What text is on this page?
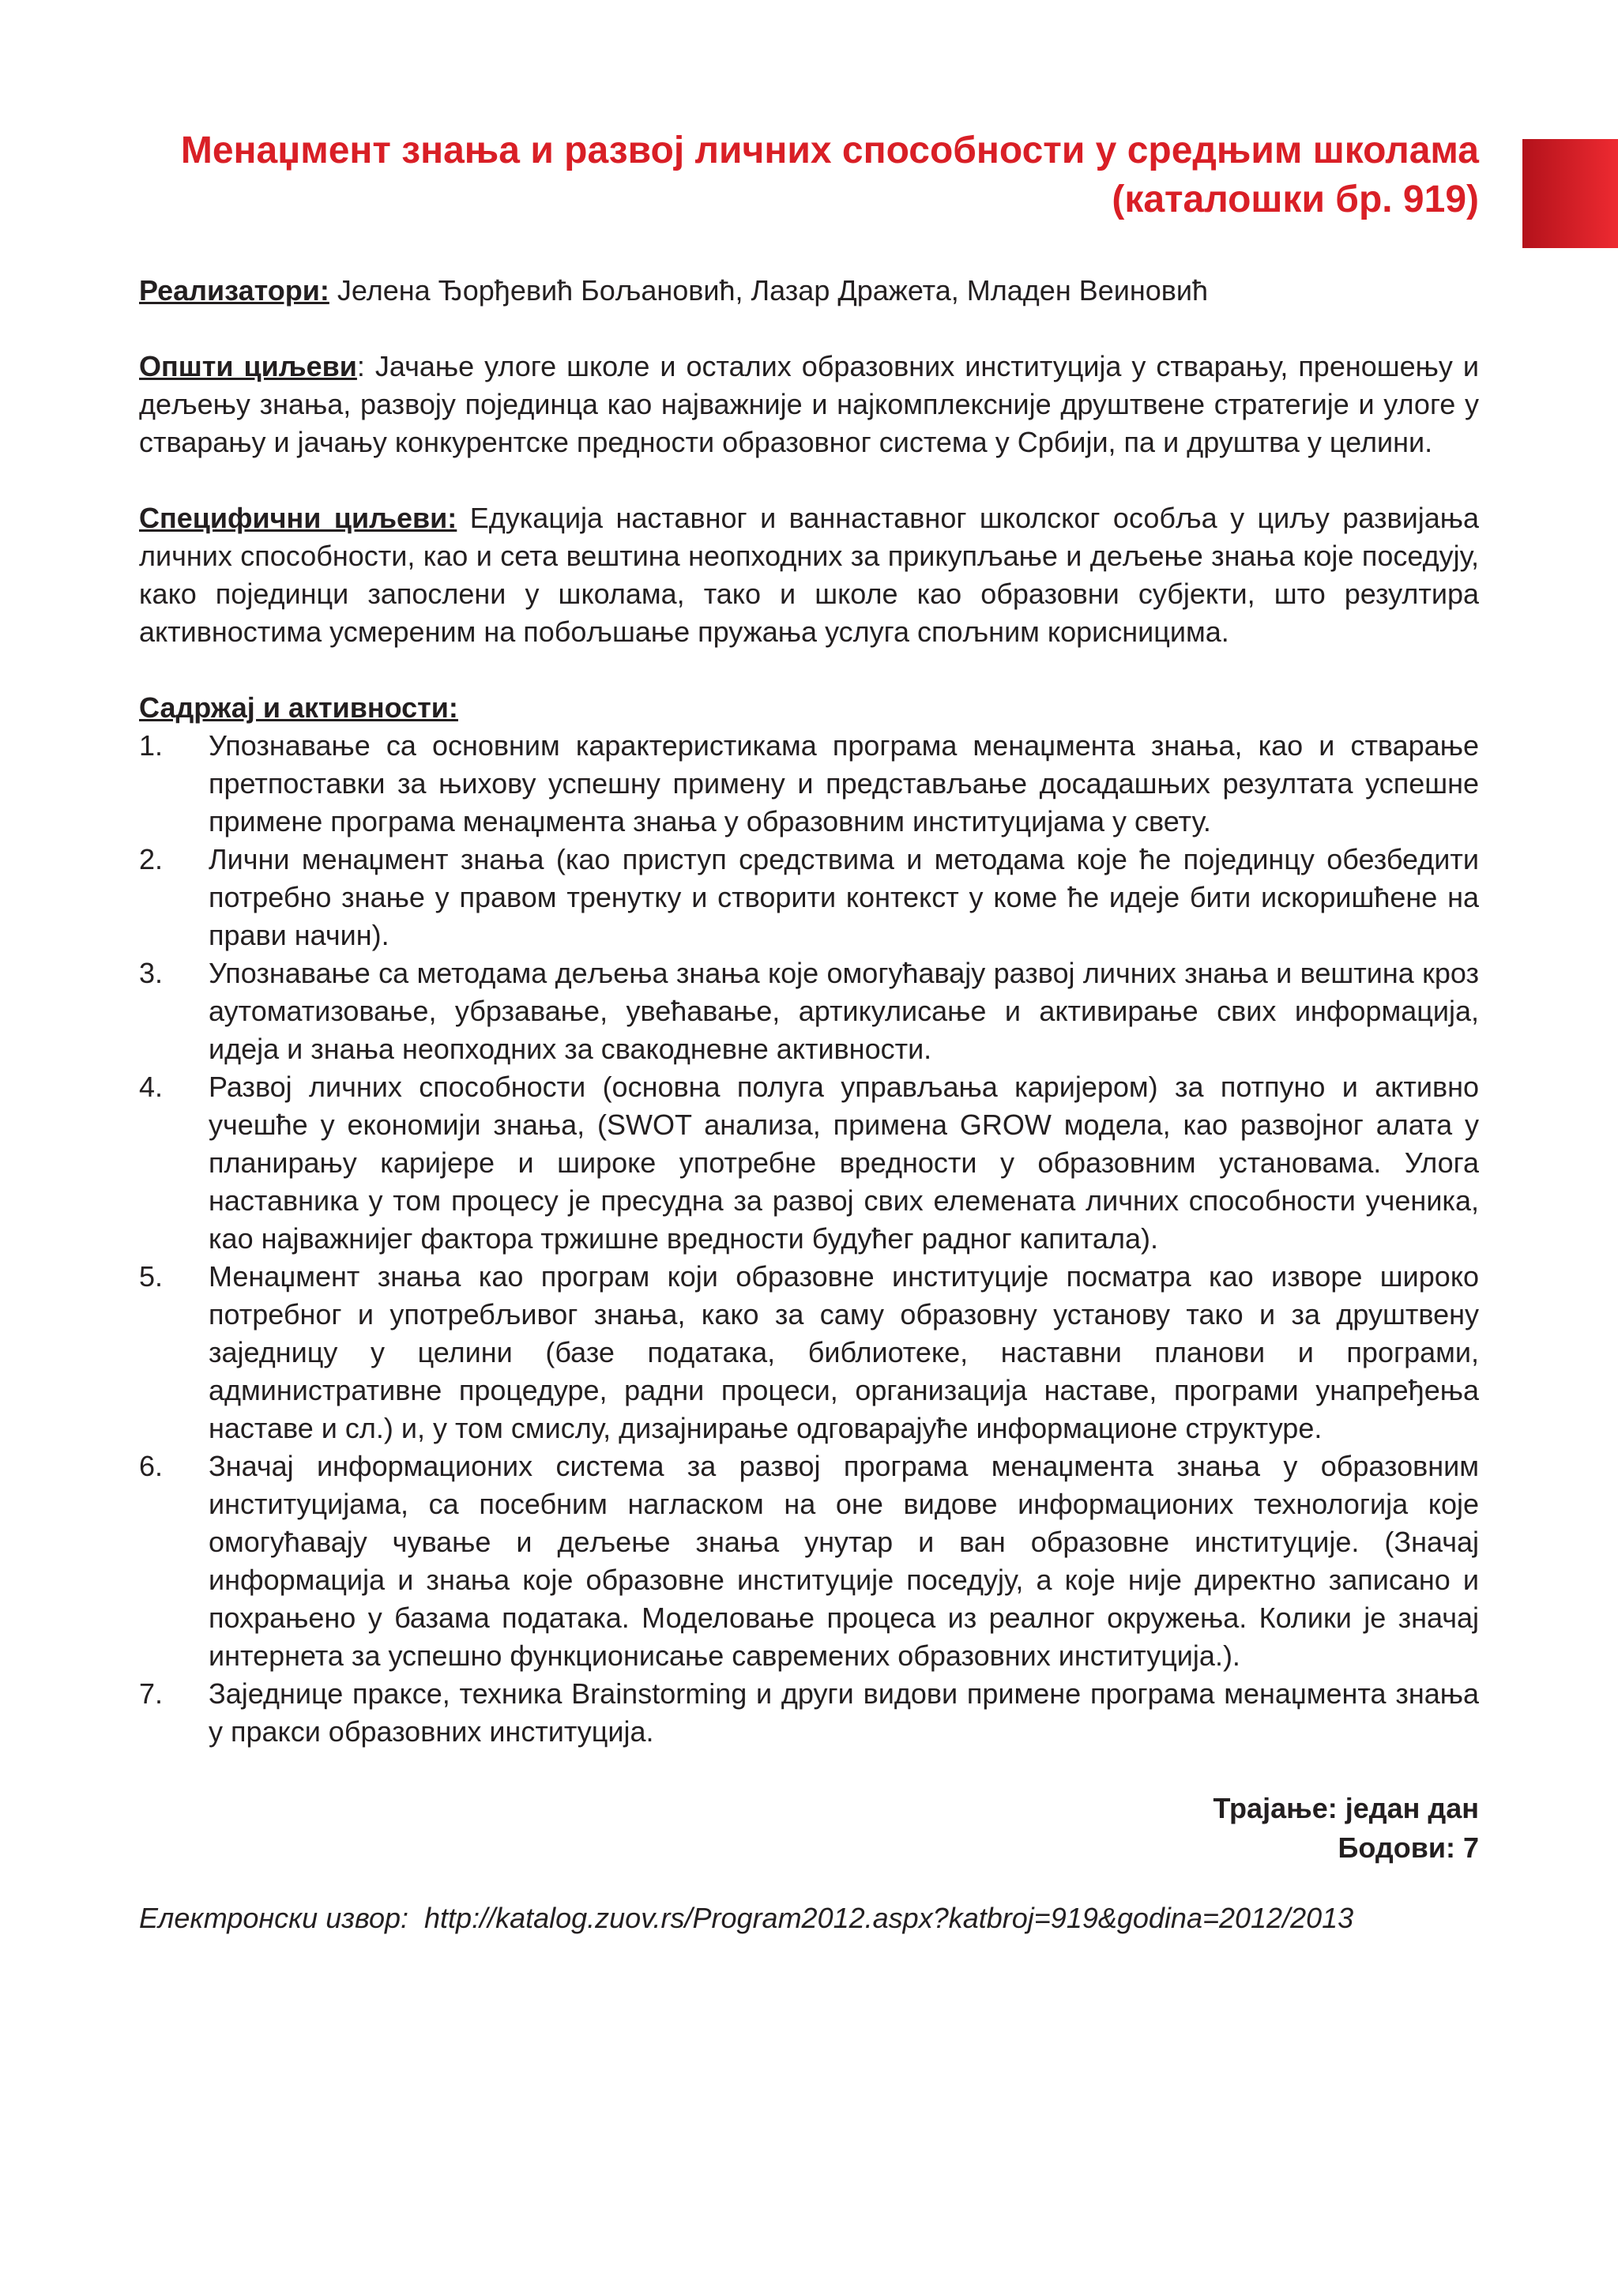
Менаџмент знања и развој личних способности у средњим школама
(каталошки бр. 919)

Реализатори: Јелена Ђорђевић Бољановић, Лазар Дражета, Младен Веиновић

Општи циљеви: Јачање улоге школе и осталих образовних институција у стварању, преношењу и дељењу знања, развоју појединца као најважније и најкомплексније друштвене стратегије и улоге у стварању и јачању конкурентске предности образовног система у Србији, па и друштва у целини.

Специфични циљеви: Едукација наставног и ваннаставног школског особља у циљу развијања личних способности, као и сета вештина неопходних за прикупљање и дељење знања које поседују, како појединци запослени у школама, тако и школе као образовни субјекти, што резултира активностима усмереним на побољшање пружања услуга спољним корисницима.

Садржај и активности:
1. Упознавање са основним карактеристикама програма менаџмента знања, као и стварање претпоставки за њихову успешну примену и представљање досадашњих резултата успешне примене програма менаџмента знања у образовним институцијама у свету.
2. Лични менаџмент знања (као приступ средствима и методама које ће појединцу обезбедити потребно знање у правом тренутку и створити контекст у коме ће идеје бити искоришћене на прави начин).
3. Упознавање са методама дељења знања које омогућавају развој личних знања и вештина кроз аутоматизовање, убрзавање, увећавање, артикулисање и активирање свих информација, идеја и знања неопходних за свакодневне активности.
4. Развој личних способности (основна полуга управљања каријером) за потпуно и активно учешће у економији знања, (SWOT анализа, примена GROW модела, као развојног алата у планирању каријере и широке употребне вредности у образовним установама. Улога наставника у том процесу је пресудна за развој свих елемената личних способности ученика, као најважнијег фактора тржишне вредности будућег радног капитала).
5. Менаџмент знања као програм који образовне институције посматра као изворе широко потребног и употребљивог знања, како за саму образовну установу тако и за друштвену заједницу у целини (базе података, библиотеке, наставни планови и програми, административне процедуре, радни процеси, организација наставе, програми унапређења наставе и сл.) и, у том смислу, дизајнирање одговарајуће информационе структуре.
6. Значај информационих система за развој програма менаџмента знања у образовним институцијама, са посебним нагласком на оне видове информационих технологија које омогућавају чување и дељење знања унутар и ван образовне институције. (Значај информација и знања које образовне институције поседују, а које није директно записано и похрањено у базама података. Моделовање процеса из реалног окружења. Колики је значај интернета за успешно функционисање савремених образовних институција.).
7. Заједнице праксе, техника Brainstorming и други видови примене програма менаџмента знања у пракси образовних институција.
Трајање: један дан
Бодови: 7
Електронски извор: http://katalog.zuov.rs/Program2012.aspx?katbroj=919&godina=2012/2013
